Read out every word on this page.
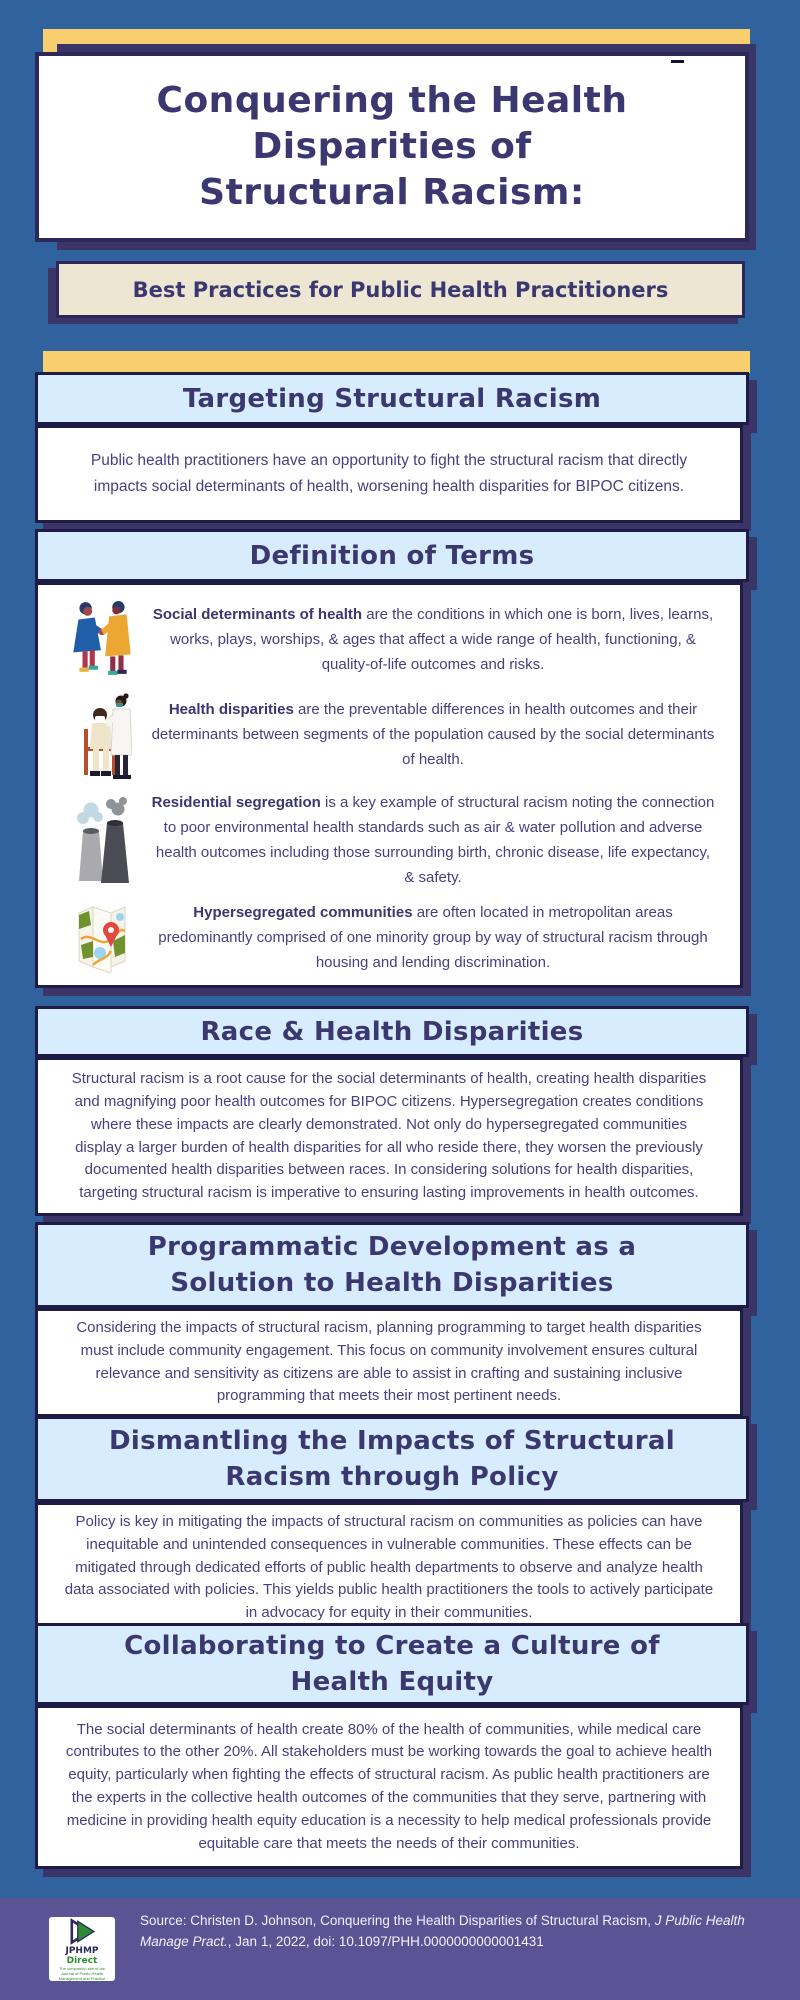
Conquering the Health
Disparities of
Structural Racism:
Best Practices for Public Health Practitioners
Targeting Structural Racism

Public health practitioners have an opportunity to fight the structural racism that directly impacts social determinants of health, worsening health disparities for BIPOC citizens.

Definition of Terms
Social determinants of health are the conditions in which one is born, lives, learns, works, plays, worships, & ages that affect a wide range of health, functioning, & quality-of-life outcomes and risks.
Health disparities are the preventable differences in health outcomes and their determinants between segments of the population caused by the social determinants of health.
Residential segregation is a key example of structural racism noting the connection to poor environmental health standards such as air & water pollution and adverse health outcomes including those surrounding birth, chronic disease, life expectancy, & safety.
Hypersegregated communities are often located in metropolitan areas predominantly comprised of one minority group by way of structural racism through housing and lending discrimination.
Race & Health Disparities

Structural racism is a root cause for the social determinants of health, creating health disparities and magnifying poor health outcomes for BIPOC citizens. Hypersegregation creates conditions where these impacts are clearly demonstrated. Not only do hypersegregated communities display a larger burden of health disparities for all who reside there, they worsen the previously documented health disparities between races. In considering solutions for health disparities, targeting structural racism is imperative to ensuring lasting improvements in health outcomes.

Programmatic Development as a
Solution to Health Disparities

Considering the impacts of structural racism, planning programming to target health disparities must include community engagement. This focus on community involvement ensures cultural relevance and sensitivity as citizens are able to assist in crafting and sustaining inclusive programming that meets their most pertinent needs.

Dismantling the Impacts of Structural
Racism through Policy

Policy is key in mitigating the impacts of structural racism on communities as policies can have inequitable and unintended consequences in vulnerable communities. These effects can be mitigated through dedicated efforts of public health departments to observe and analyze health data associated with policies. This yields public health practitioners the tools to actively participate in advocacy for equity in their communities.

Collaborating to Create a Culture of
Health Equity

The social determinants of health create 80% of the health of communities, while medical care contributes to the other 20%. All stakeholders must be working towards the goal to achieve health equity, particularly when fighting the effects of structural racism. As public health practitioners are the experts in the collective health outcomes of the communities that they serve, partnering with medicine in providing health equity education is a necessity to help medical professionals provide equitable care that meets the needs of their communities.

JPHMP Direct
The companion site of the Journal of Public Health Management and Practice
Source: Christen D. Johnson, Conquering the Health Disparities of Structural Racism, J Public Health Manage Pract., Jan 1, 2022, doi: 10.1097/PHH.0000000000001431
